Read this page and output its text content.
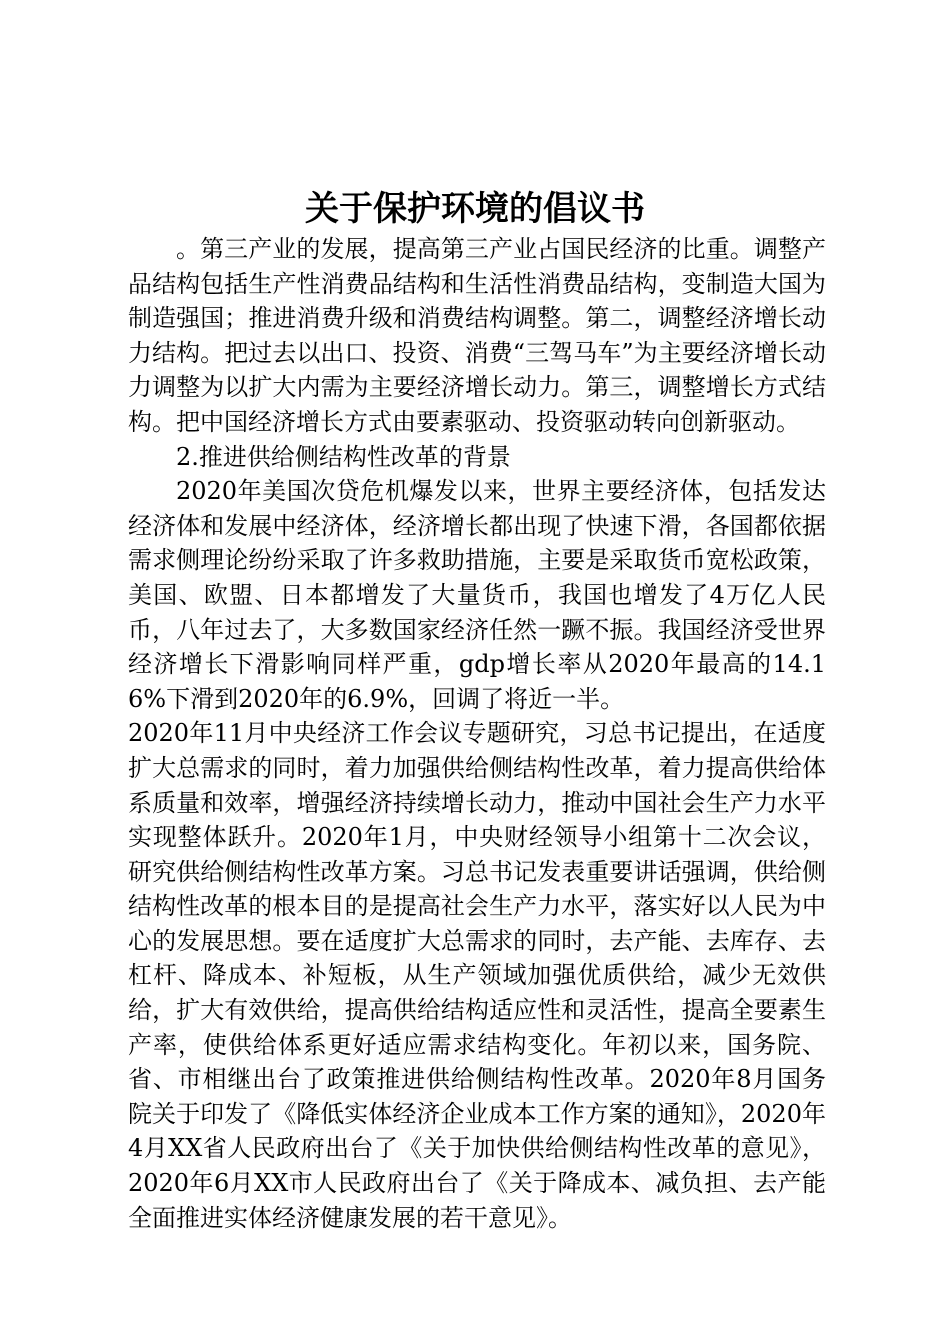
关于保护环境的倡议书

。第三产业的发展，提高第三产业占国民经济的比重。调整产品结构包括生产性消费品结构和生活性消费品结构，变制造大国为制造强国；推进消费升级和消费结构调整。第二，调整经济增长动力结构。把过去以出口、投资、消费“三驾马车”为主要经济增长动力调整为以扩大内需为主要经济增长动力。第三，调整增长方式结构。把中国经济增长方式由要素驱动、投资驱动转向创新驱动。

2.推进供给侧结构性改革的背景

2020年美国次贷危机爆发以来，世界主要经济体，包括发达经济体和发展中经济体，经济增长都出现了快速下滑，各国都依据需求侧理论纷纷采取了许多救助措施，主要是采取货币宽松政策，美国、欧盟、日本都增发了大量货币，我国也增发了4万亿人民币，八年过去了，大多数国家经济任然一蹶不振。我国经济受世界经济增长下滑影响同样严重，gdp增长率从2020年最高的14.16%下滑到2020年的6.9%，回调了将近一半。

2020年11月中央经济工作会议专题研究，习总书记提出，在适度扩大总需求的同时，着力加强供给侧结构性改革，着力提高供给体系质量和效率，增强经济持续增长动力，推动中国社会生产力水平实现整体跃升。2020年1月，中央财经领导小组第十二次会议，研究供给侧结构性改革方案。习总书记发表重要讲话强调，供给侧结构性改革的根本目的是提高社会生产力水平，落实好以人民为中心的发展思想。要在适度扩大总需求的同时，去产能、去库存、去杠杆、降成本、补短板，从生产领域加强优质供给，减少无效供给，扩大有效供给，提高供给结构适应性和灵活性，提高全要素生产率，使供给体系更好适应需求结构变化。年初以来，国务院、省、市相继出台了政策推进供给侧结构性改革。2020年8月国务院关于印发了《降低实体经济企业成本工作方案的通知》，2020年4月XX省人民政府出台了《关于加快供给侧结构性改革的意见》，2020年6月XX市人民政府出台了《关于降成本、减负担、去产能全面推进实体经济健康发展的若干意见》。
